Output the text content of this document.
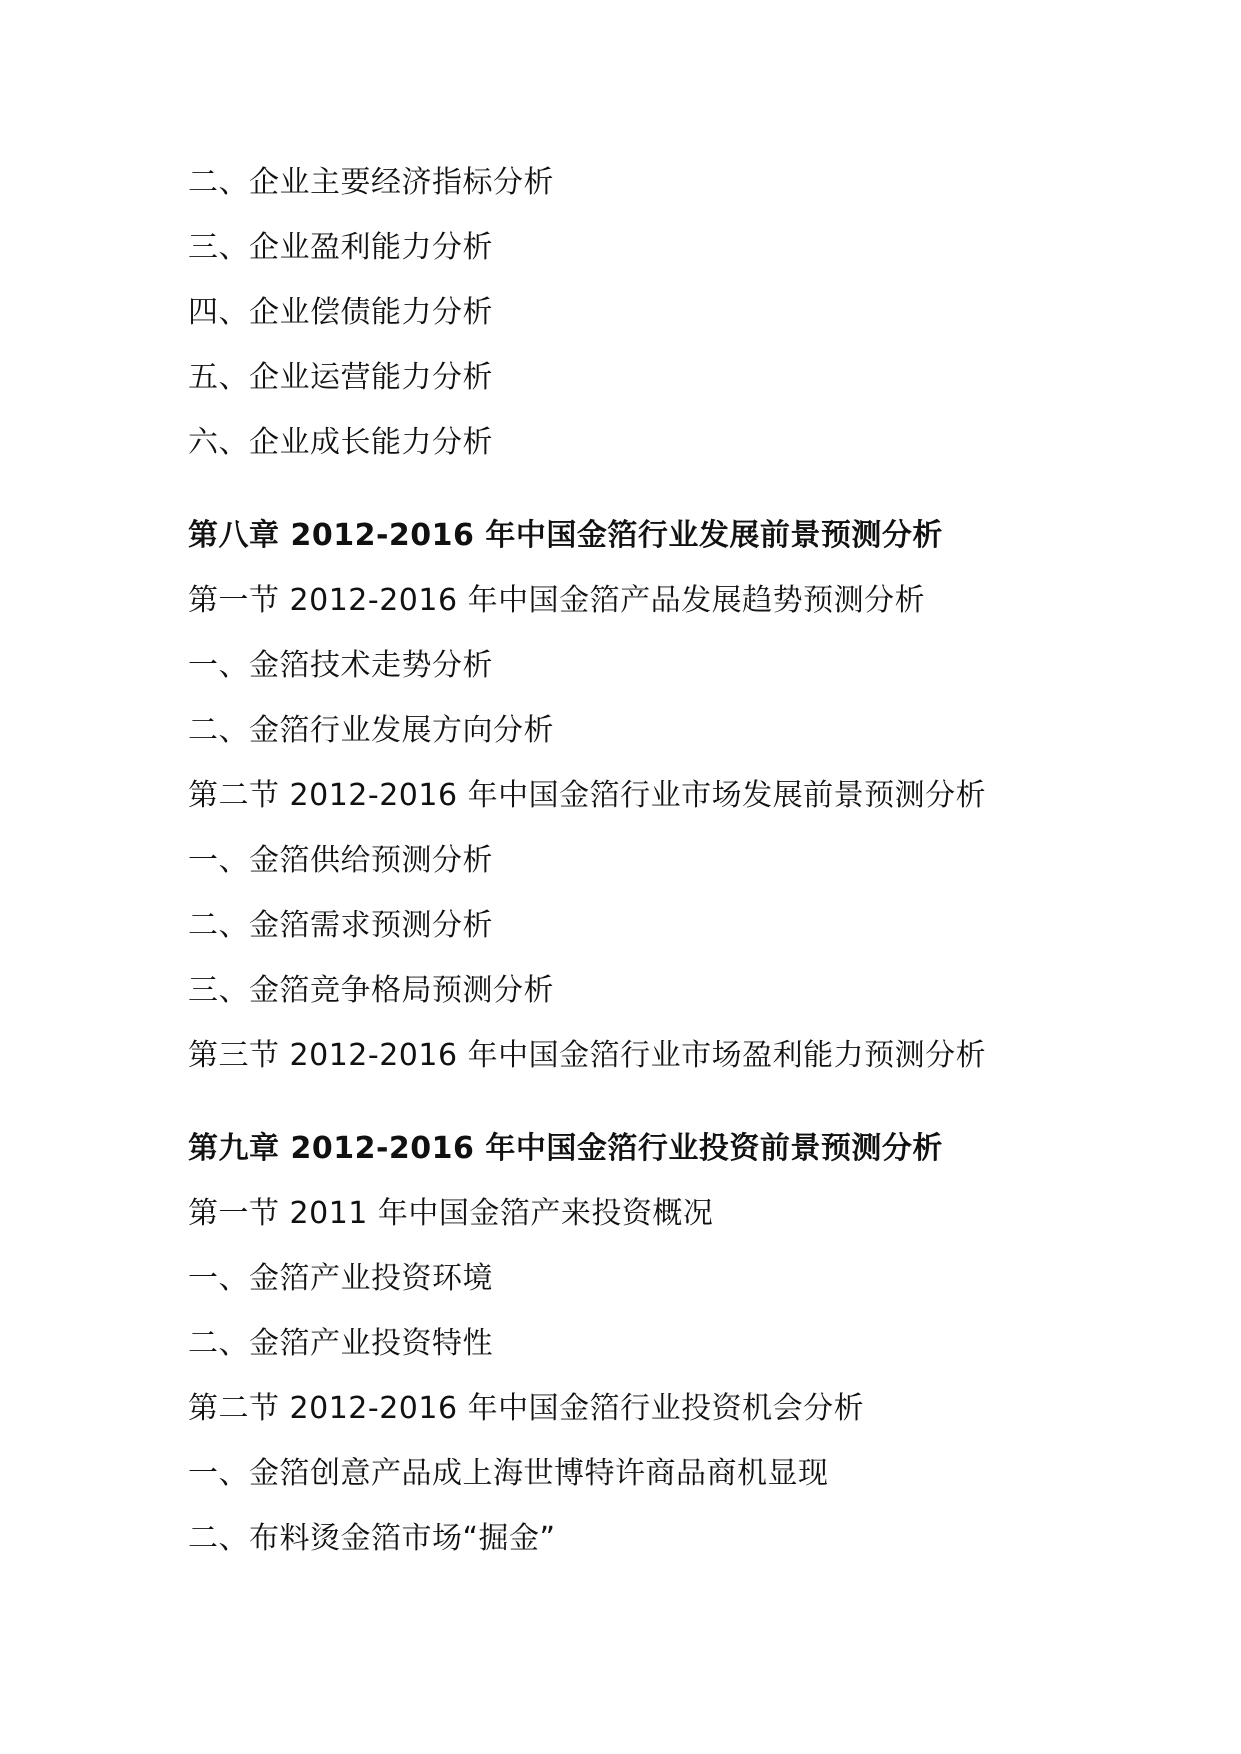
二、企业主要经济指标分析
三、企业盈利能力分析
四、企业偿债能力分析
五、企业运营能力分析
六、企业成长能力分析
第八章 2012-2016 年中国金箔行业发展前景预测分析
第一节 2012-2016 年中国金箔产品发展趋势预测分析
一、金箔技术走势分析
二、金箔行业发展方向分析
第二节 2012-2016 年中国金箔行业市场发展前景预测分析
一、金箔供给预测分析
二、金箔需求预测分析
三、金箔竞争格局预测分析
第三节 2012-2016 年中国金箔行业市场盈利能力预测分析
第九章 2012-2016 年中国金箔行业投资前景预测分析
第一节 2011 年中国金箔产来投资概况
一、金箔产业投资环境
二、金箔产业投资特性
第二节 2012-2016 年中国金箔行业投资机会分析
一、金箔创意产品成上海世博特许商品商机显现
二、布料烫金箔市场“掘金”
